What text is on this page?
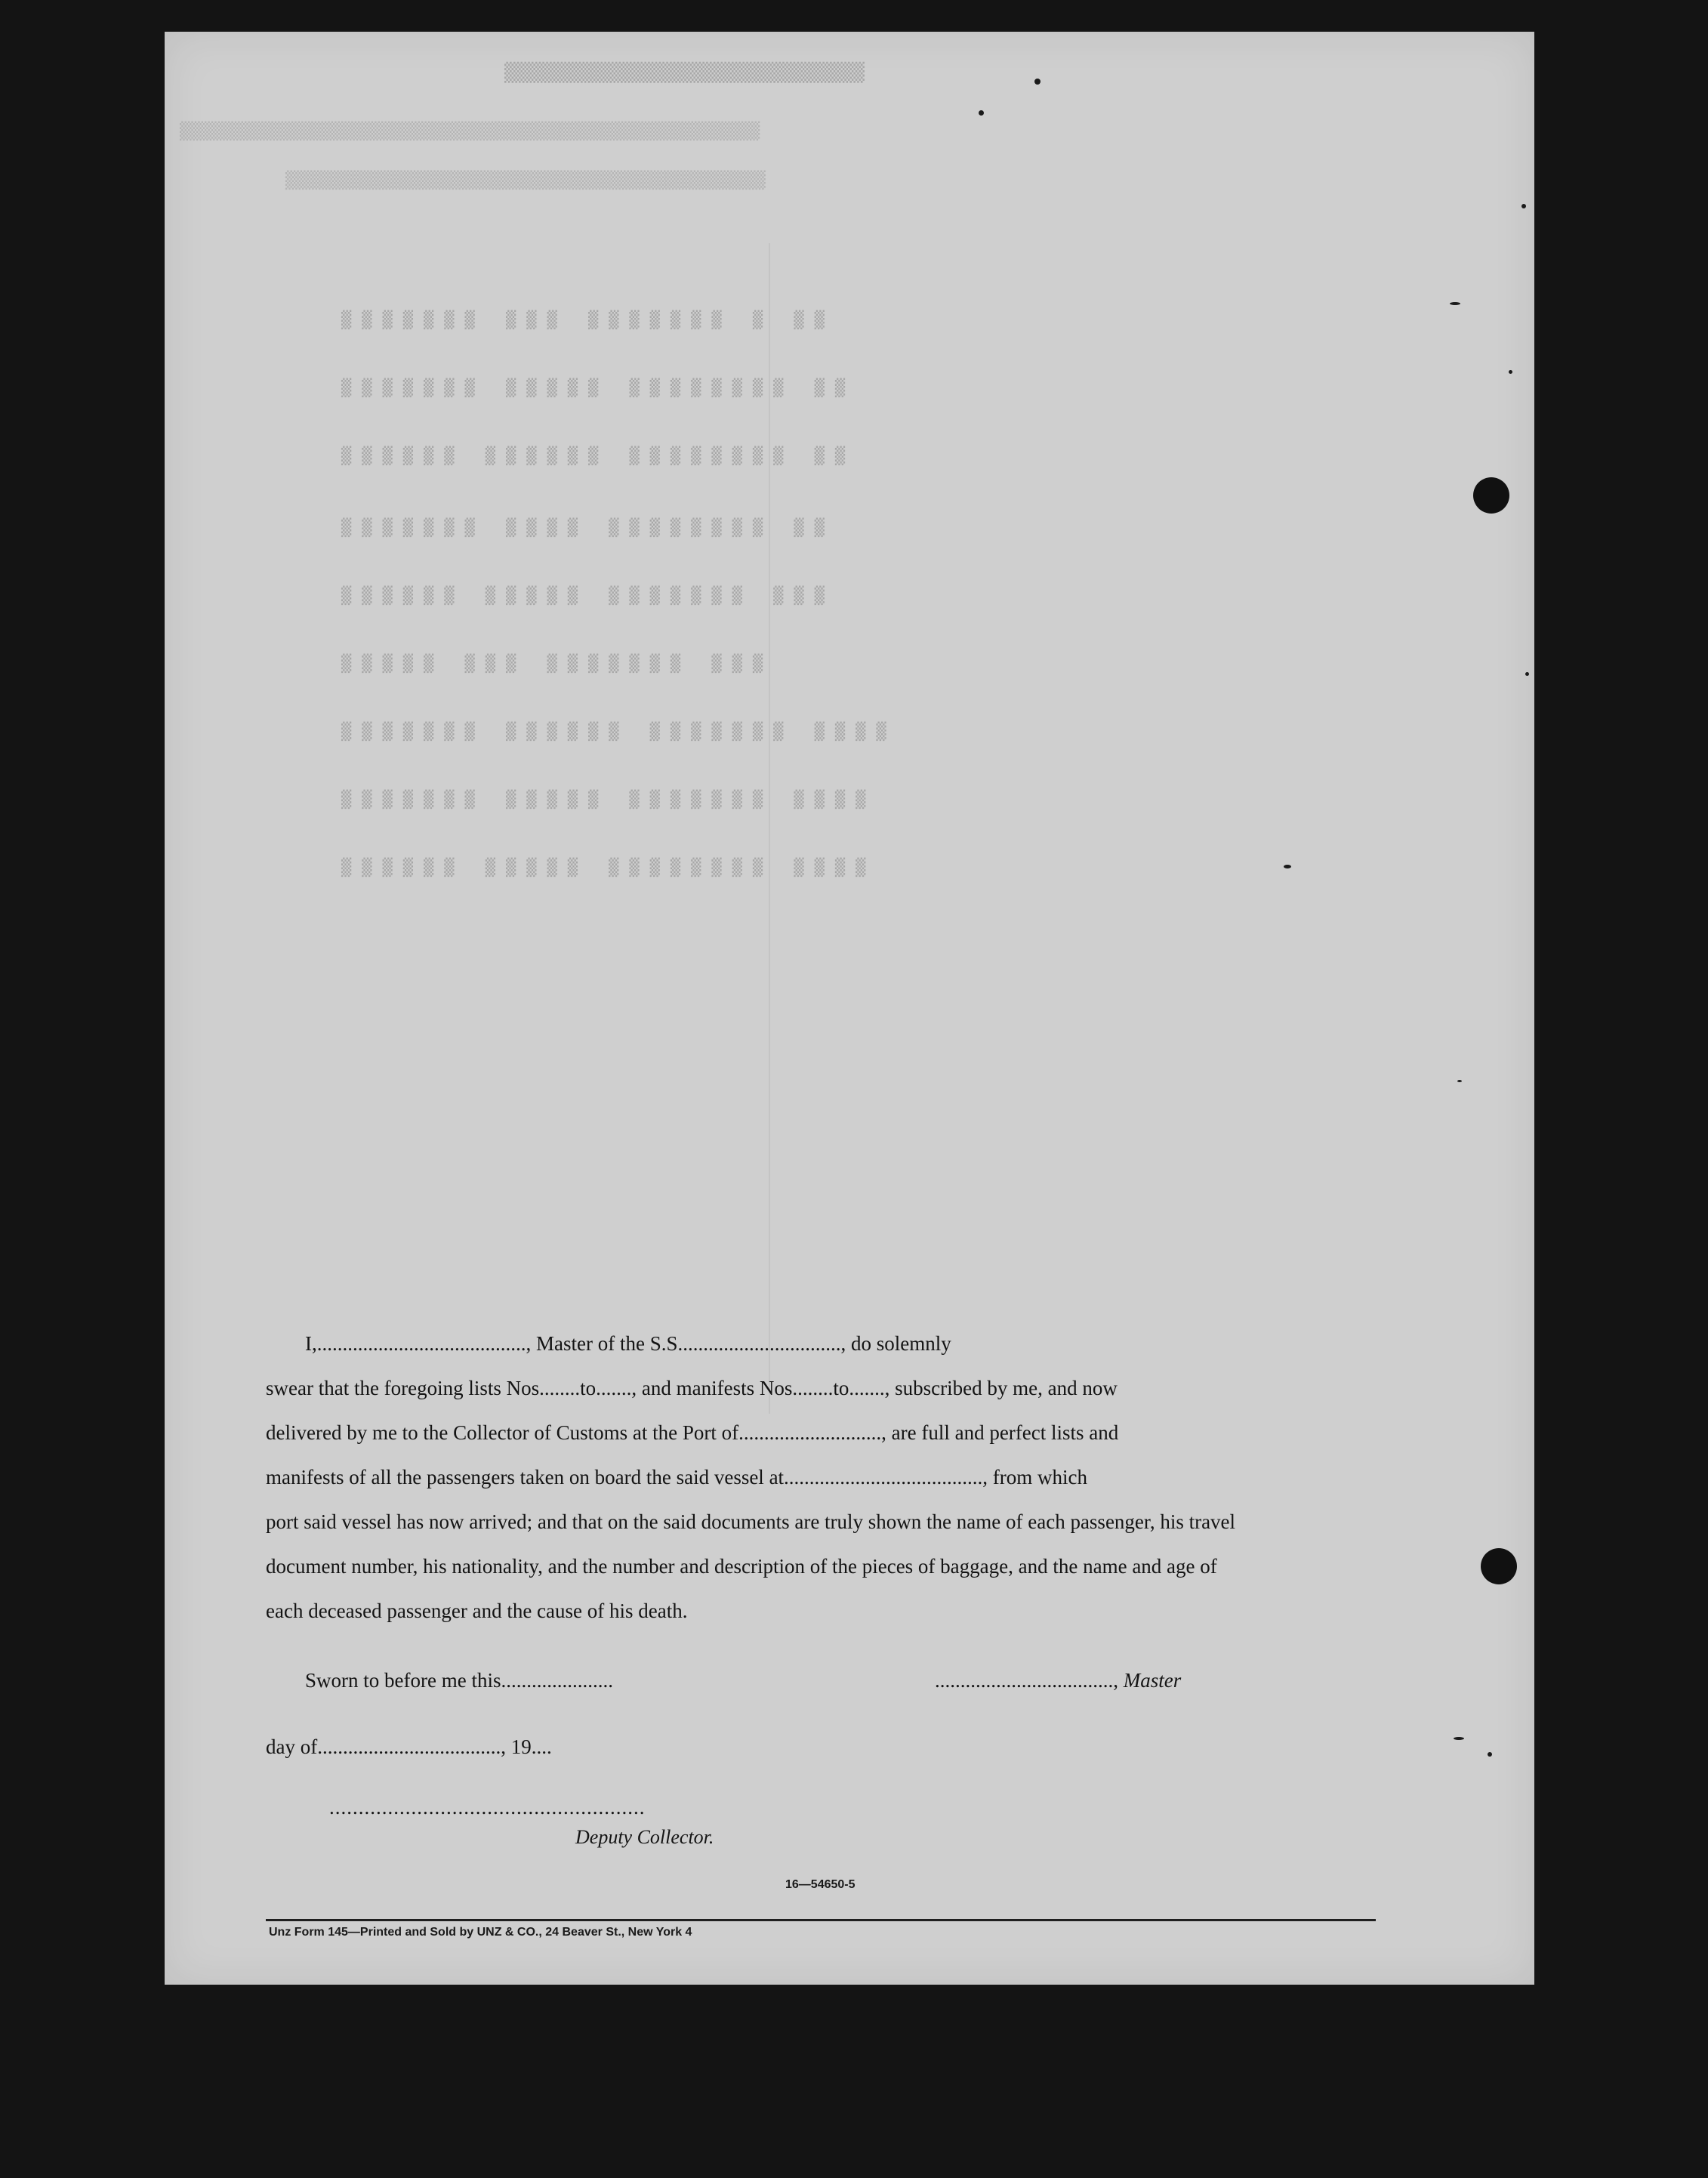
▒▒▒▒▒▒▒▒▒▒▒▒▒▒▒▒▒▒▒▒▒▒▒▒▒▒▒▒▒▒▒▒▒
▒▒▒▒▒▒▒▒▒▒▒▒▒▒▒▒▒▒▒▒▒▒▒▒▒▒▒▒▒▒▒▒▒▒▒▒▒▒▒▒▒▒▒▒▒▒▒▒▒▒▒▒▒▒▒▒▒▒
▒▒▒▒▒▒▒▒▒▒▒▒▒▒▒▒▒▒▒▒▒▒▒▒▒▒▒▒▒▒▒▒▒▒▒▒▒▒▒▒▒▒▒▒▒▒▒▒
▒▒ ▒ ▒▒▒▒▒▒▒ ▒▒▒ ▒▒▒▒▒▒▒
▒▒ ▒▒▒▒▒▒▒▒ ▒▒▒▒▒ ▒▒▒▒▒▒▒
▒▒ ▒▒▒▒▒▒▒▒ ▒▒▒▒▒▒ ▒▒▒▒▒▒
▒▒ ▒▒▒▒▒▒▒▒ ▒▒▒▒ ▒▒▒▒▒▒▒
▒▒▒ ▒▒▒▒▒▒▒ ▒▒▒▒▒ ▒▒▒▒▒▒
▒▒▒ ▒▒▒▒▒▒▒ ▒▒▒ ▒▒▒▒▒
▒▒▒▒ ▒▒▒▒▒▒▒ ▒▒▒▒▒▒ ▒▒▒▒▒▒▒
▒▒▒▒ ▒▒▒▒▒▒▒ ▒▒▒▒▒ ▒▒▒▒▒▒▒
▒▒▒▒ ▒▒▒▒▒▒▒▒ ▒▒▒▒▒ ▒▒▒▒▒▒
I,........................................., Master of the S.S................................, do solemnly
swear that the foregoing lists Nos........to......., and manifests Nos........to......., subscribed by me, and now
delivered by me to the Collector of Customs at the Port of............................, are full and perfect lists and
manifests of all the passengers taken on board the said vessel at......................................., from which
port said vessel has now arrived; and that on the said documents are truly shown the name of each passenger, his travel
document number, his nationality, and the number and description of the pieces of baggage, and the name and age of
each deceased passenger and the cause of his death.
Sworn to before me this......................	..................................., Master
day of...................................., 19....
......................................................
Deputy Collector.
16—54650-5
Unz Form 145—Printed and Sold by UNZ & CO., 24 Beaver St., New York 4
